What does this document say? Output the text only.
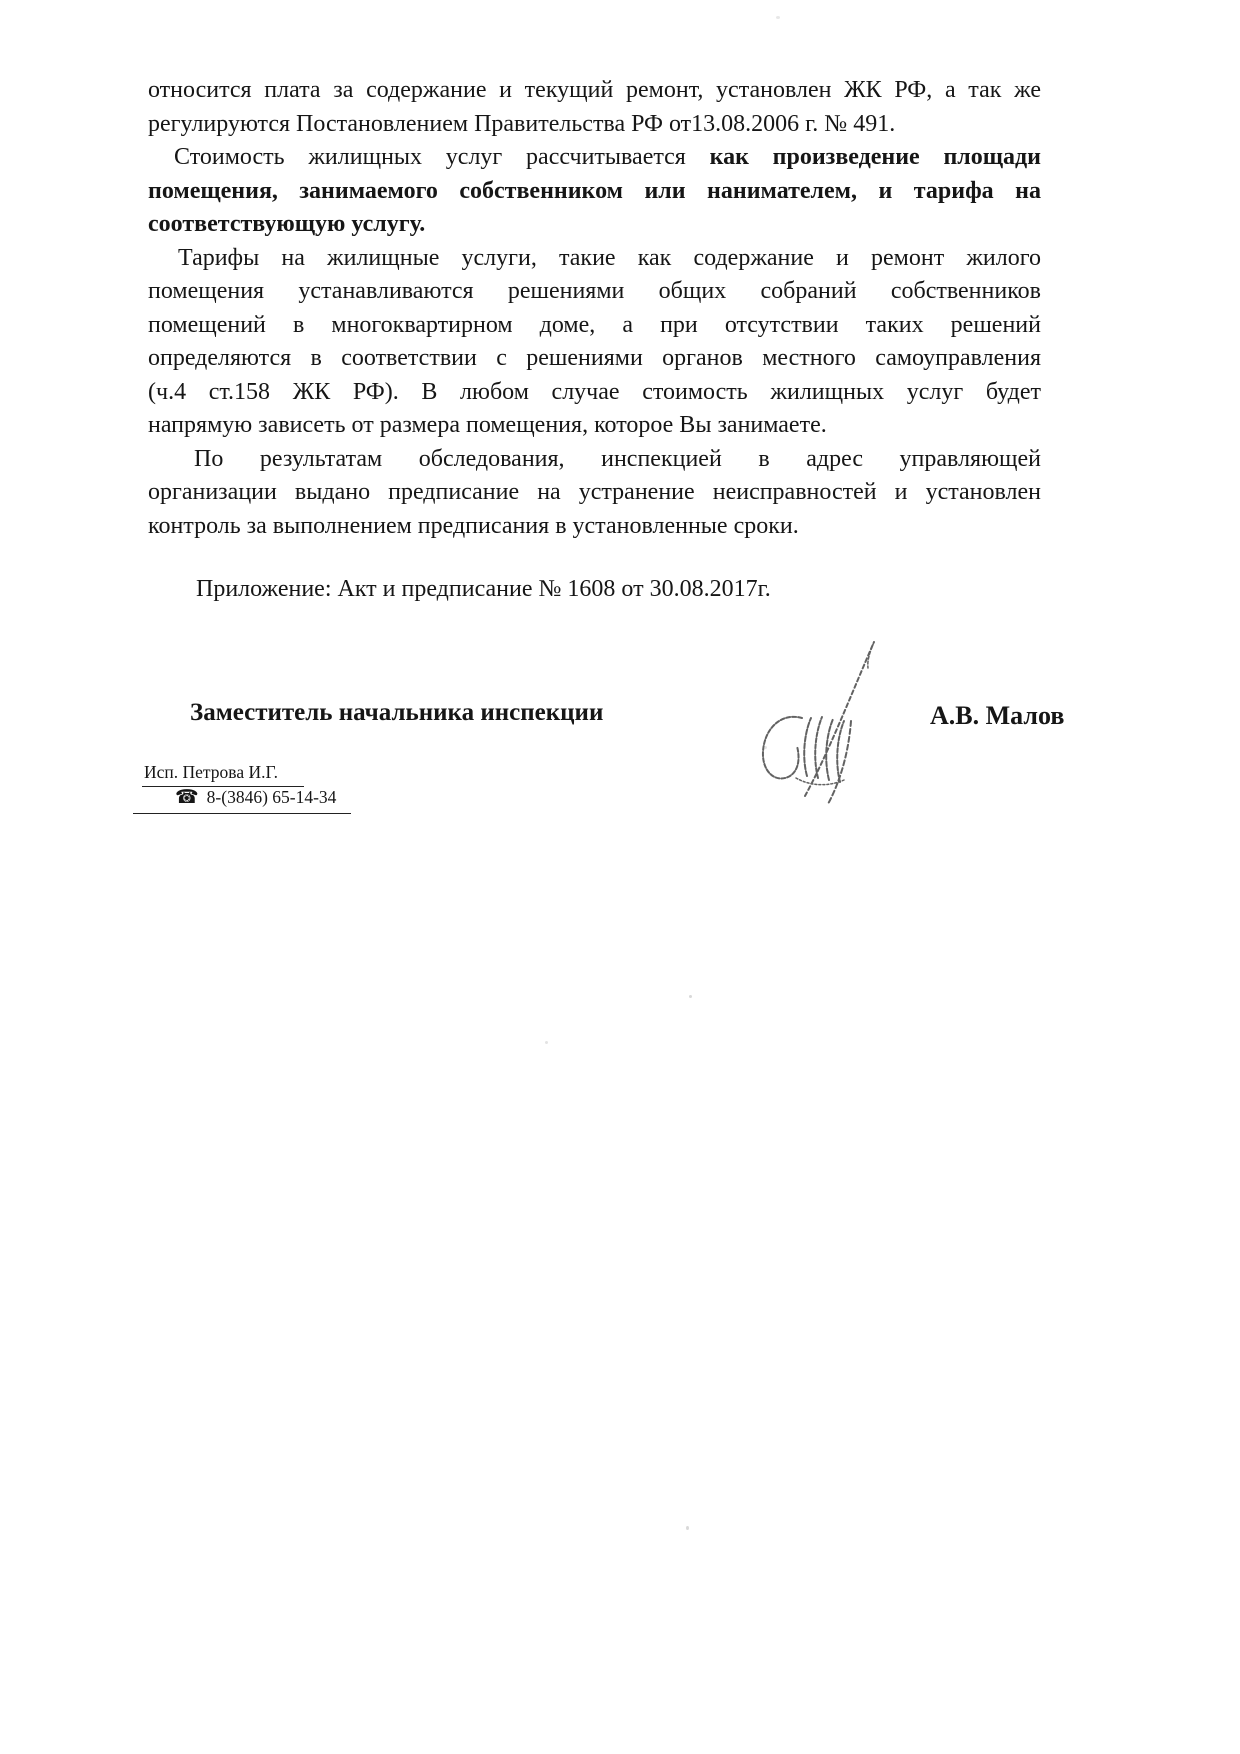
относится плата за содержание и текущий ремонт, установлен ЖК РФ, а так же
регулируются Постановлением Правительства РФ от13.08.2006 г. № 491.
Стоимость жилищных услуг рассчитывается как произведение площади
помещения, занимаемого собственником или нанимателем, и тарифа на
соответствующую услугу.
Тарифы на жилищные услуги, такие как содержание и ремонт жилого
помещения устанавливаются решениями общих собраний собственников
помещений в многоквартирном доме, а при отсутствии таких решений
определяются в соответствии с решениями органов местного самоуправления
(ч.4 ст.158 ЖК РФ). В любом случае стоимость жилищных услуг будет
напрямую зависеть от размера помещения, которое Вы занимаете.
По результатам обследования, инспекцией в адрес управляющей
организации выдано предписание на устранение неисправностей и установлен
контроль за выполнением предписания в установленные сроки.
Приложение: Акт и предписание № 1608 от 30.08.2017г.
Заместитель начальника инспекции	А.В. Малов
Исп. Петрова И.Г.
☎ 8-(3846) 65-14-34
